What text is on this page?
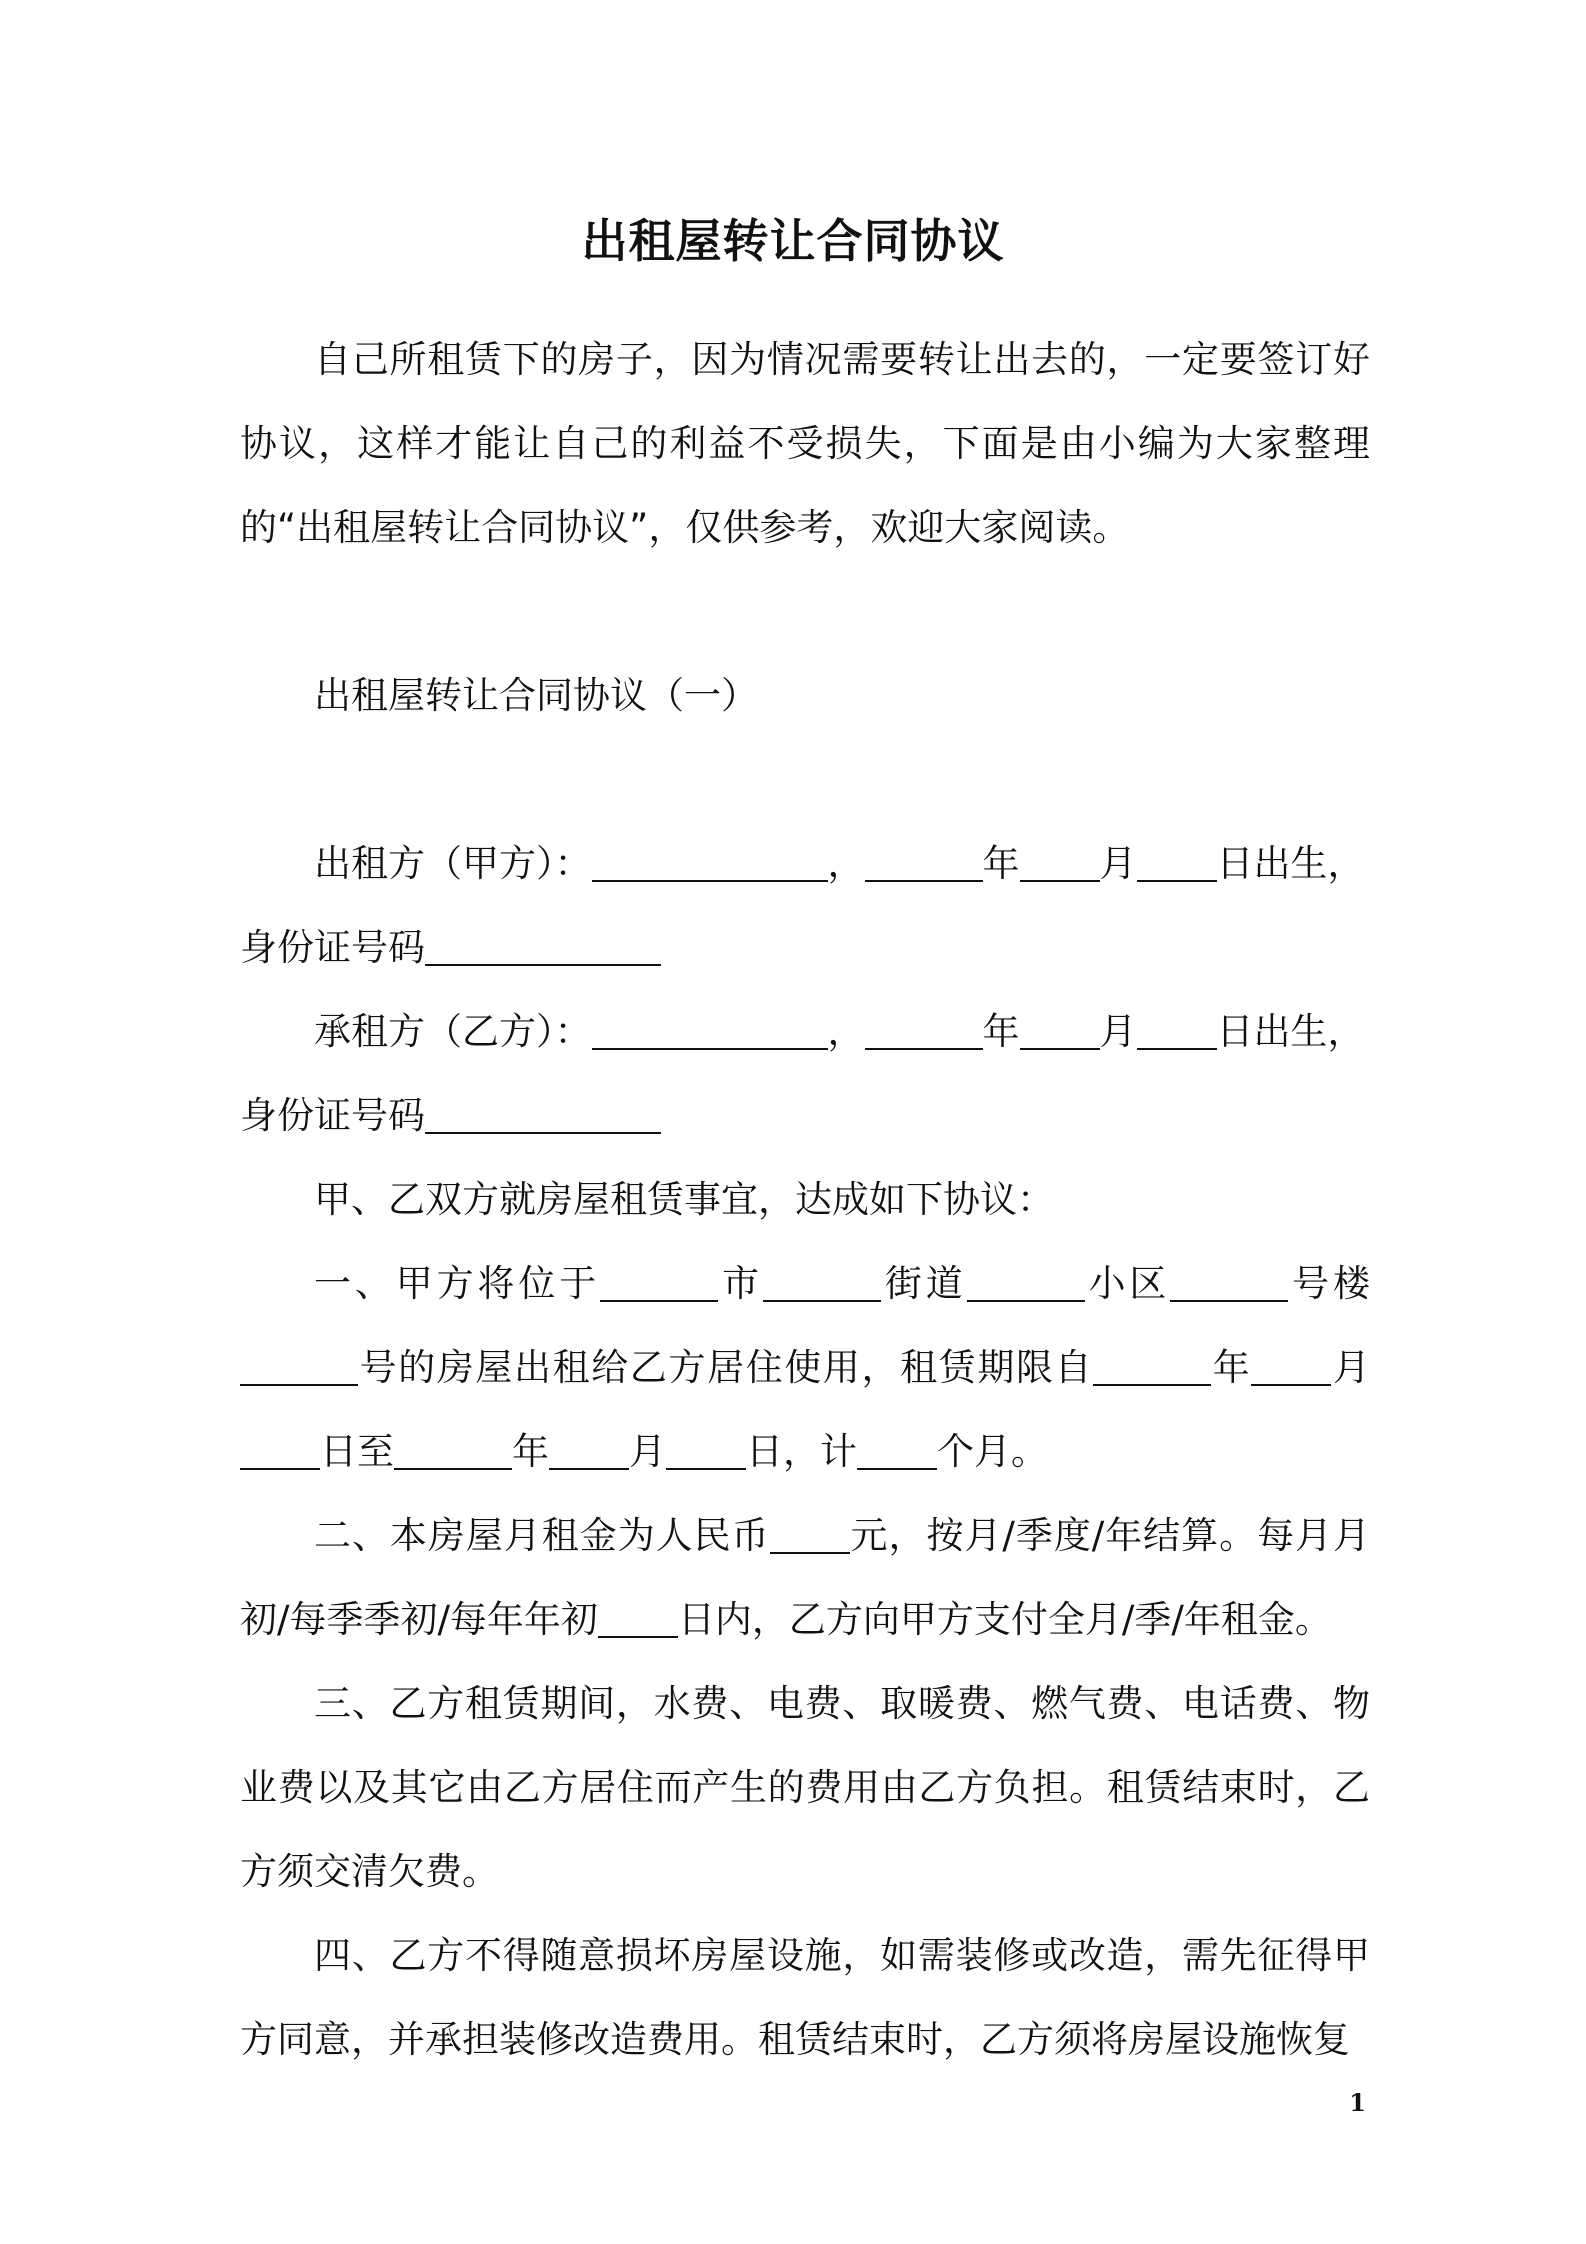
出租屋转让合同协议

自己所租赁下的房子，因为情况需要转让出去的，一定要签订好协议，这样才能让自己的利益不受损失，下面是由小编为大家整理的“出租屋转让合同协议”，仅供参考，欢迎大家阅读。

出租屋转让合同协议（一）

出租方（甲方）：	，	年 月 日出生，

身份证号码

承租方（乙方）：	，	年 月 日出生，

身份证号码

甲、乙双方就房屋租赁事宜，达成如下协议：

一、甲方将位于	市	街道	小区	号楼号的房屋出租给乙方居住使用，租赁期限自	年 月日至	年 月 日，计 个月。

二、本房屋月租金为人民币 元，按月/季度/年结算。每月月初/每季季初/每年年初 日内，乙方向甲方支付全月/季/年租金。

三、乙方租赁期间，水费、电费、取暖费、燃气费、电话费、物业费以及其它由乙方居住而产生的费用由乙方负担。租赁结束时，乙方须交清欠费。

四、乙方不得随意损坏房屋设施，如需装修或改造，需先征得甲方同意，并承担装修改造费用。租赁结束时，乙方须将房屋设施恢复

1
